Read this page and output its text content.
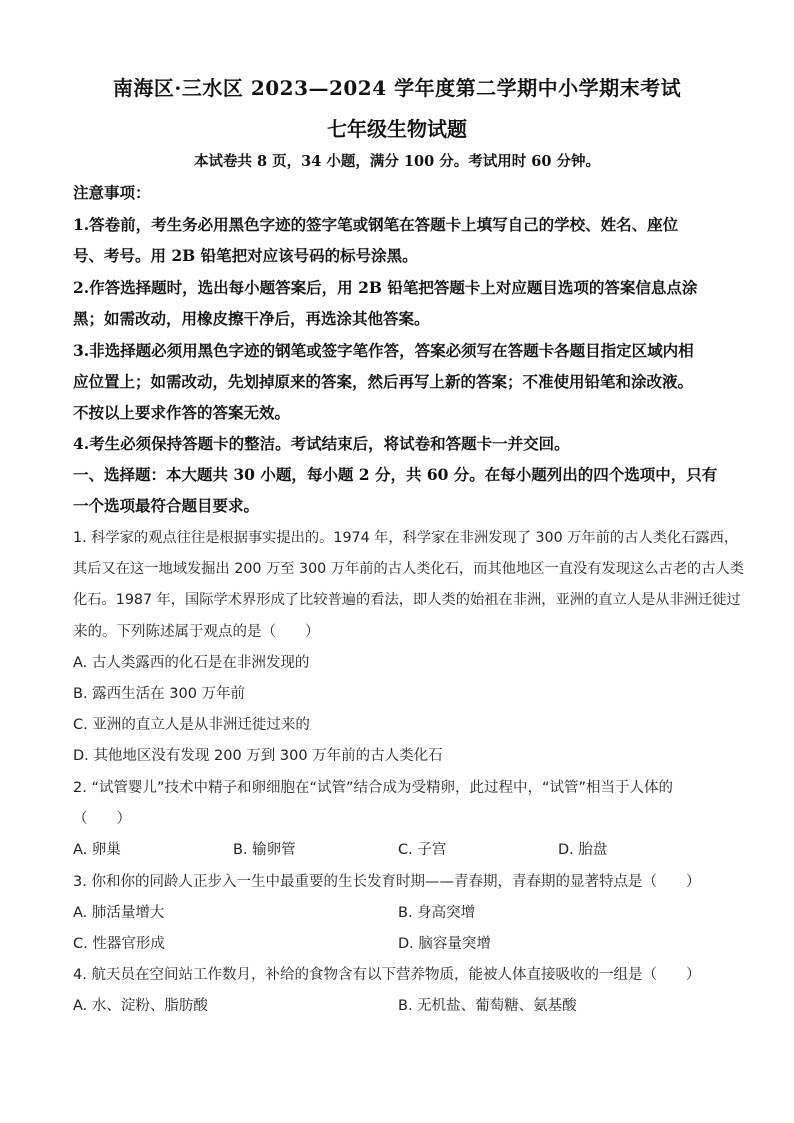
南海区·三水区 2023—2024 学年度第二学期中小学期末考试
七年级生物试题
本试卷共 8 页，34 小题，满分 100 分。考试用时 60 分钟。
注意事项：
1.答卷前，考生务必用黑色字迹的签字笔或钢笔在答题卡上填写自己的学校、姓名、座位
号、考号。用 2B 铅笔把对应该号码的标号涂黑。
2.作答选择题时，选出每小题答案后，用 2B 铅笔把答题卡上对应题目选项的答案信息点涂
黑；如需改动，用橡皮擦干净后，再选涂其他答案。
3.非选择题必须用黑色字迹的钢笔或签字笔作答，答案必须写在答题卡各题目指定区域内相
应位置上；如需改动，先划掉原来的答案，然后再写上新的答案；不准使用铅笔和涂改液。
不按以上要求作答的答案无效。
4.考生必须保持答题卡的整洁。考试结束后，将试卷和答题卡一并交回。
一、选择题：本大题共 30 小题，每小题 2 分，共 60 分。在每小题列出的四个选项中，只有
一个选项最符合题目要求。
1. 科学家的观点往往是根据事实提出的。1974 年，科学家在非洲发现了 300 万年前的古人类化石露西，
其后又在这一地域发掘出 200 万至 300 万年前的古人类化石，而其他地区一直没有发现这么古老的古人类
化石。1987 年，国际学术界形成了比较普遍的看法，即人类的始祖在非洲，亚洲的直立人是从非洲迁徙过
来的。下列陈述属于观点的是（　　）
A. 古人类露西的化石是在非洲发现的
B. 露西生活在 300 万年前
C. 亚洲的直立人是从非洲迁徙过来的
D. 其他地区没有发现 200 万到 300 万年前的古人类化石
2. “试管婴儿”技术中精子和卵细胞在“试管”结合成为受精卵，此过程中，“试管”相当于人体的
（　　）
A. 卵巢	B. 输卵管	C. 子宫	D. 胎盘
3. 你和你的同龄人正步入一生中最重要的生长发育时期——青春期，青春期的显著特点是（　　）
A. 肺活量增大	B. 身高突增
C. 性器官形成	D. 脑容量突增
4. 航天员在空间站工作数月，补给的食物含有以下营养物质，能被人体直接吸收的一组是（　　）
A. 水、淀粉、脂肪酸	B. 无机盐、葡萄糖、氨基酸
